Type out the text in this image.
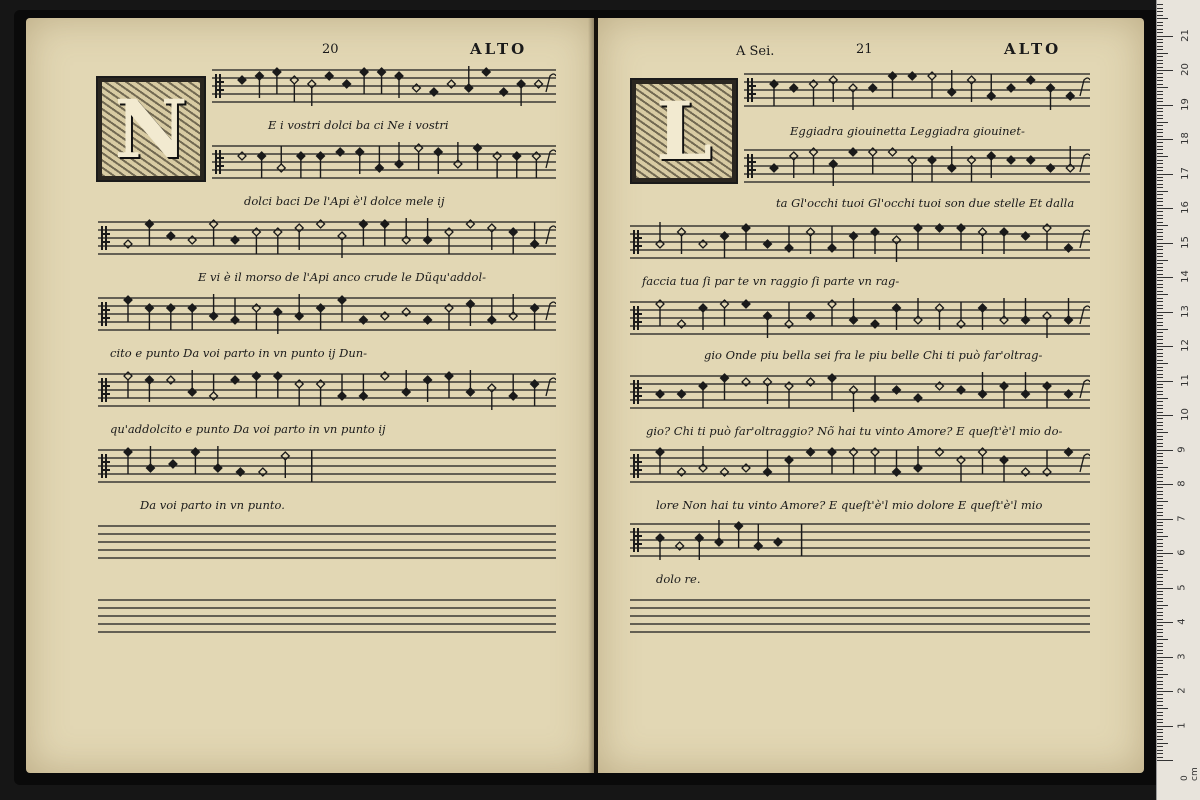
20	ALTO
N
A Sei.	21	ALTO
L
E i vostri dolci ba ci Ne i vostri
dolci baci De l'Api è'l dolce mele ij
E vi è il morso de l'Api anco crude le Dũqu'addol-
cito e punto Da voi parto in vn punto ij Dun-
qu'addolcito e punto Da voi parto in vn punto ij
Da voi parto in vn punto.
Eggiadra giouinetta Leggiadra giouinet-
ta Gl'occhi tuoi Gl'occhi tuoi son due stelle Et dalla
faccia tua ſi par te vn raggio ſi parte vn rag-
gio Onde piu bella sei fra le piu belle Chi ti può far'oltrag-
gio? Chi ti può far'oltraggio? Nõ hai tu vinto Amore? E queſt'è'l mio do-
lore Non hai tu vinto Amore? E queſt'è'l mio dolore E queſt'è'l mio
dolo re.
0 cm
1
2
3
4
5
6
7
8
9
10
11
12
13
14
15
16
17
18
19
20
21
